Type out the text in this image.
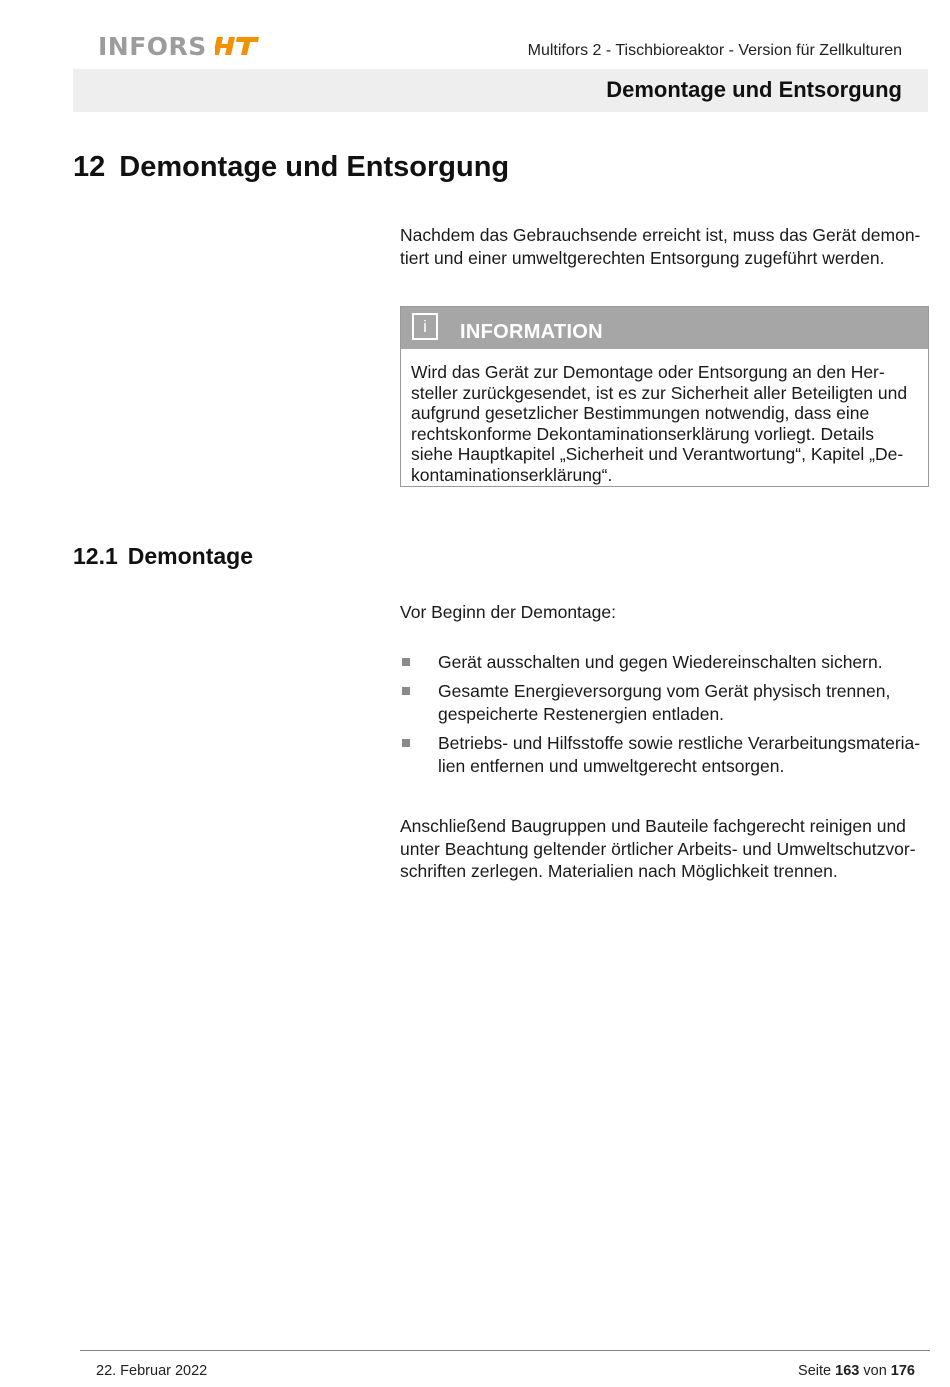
INFORS	Multifors 2 - Tischbioreaktor - Version für Zellkulturen
Demontage und Entsorgung
12 Demontage und Entsorgung
Nachdem das Gebrauchsende erreicht ist, muss das Gerät demon-
tiert und einer umweltgerechten Entsorgung zugeführt werden.
i	INFORMATION
Wird das Gerät zur Demontage oder Entsorgung an den Her-
steller zurückgesendet, ist es zur Sicherheit aller Beteiligten und
aufgrund gesetzlicher Bestimmungen notwendig, dass eine
rechtskonforme Dekontaminationserklärung vorliegt. Details
siehe Hauptkapitel „Sicherheit und Verantwortung“, Kapitel „De-
kontaminationserklärung“.
12.1 Demontage
Vor Beginn der Demontage:
Gerät ausschalten und gegen Wiedereinschalten sichern.
Gesamte Energieversorgung vom Gerät physisch trennen,
gespeicherte Restenergien entladen.
Betriebs- und Hilfsstoffe sowie restliche Verarbeitungsmateria-
lien entfernen und umweltgerecht entsorgen.
Anschließend Baugruppen und Bauteile fachgerecht reinigen und
unter Beachtung geltender örtlicher Arbeits- und Umweltschutzvor-
schriften zerlegen. Materialien nach Möglichkeit trennen.
22. Februar 2022	Seite 163 von 176
